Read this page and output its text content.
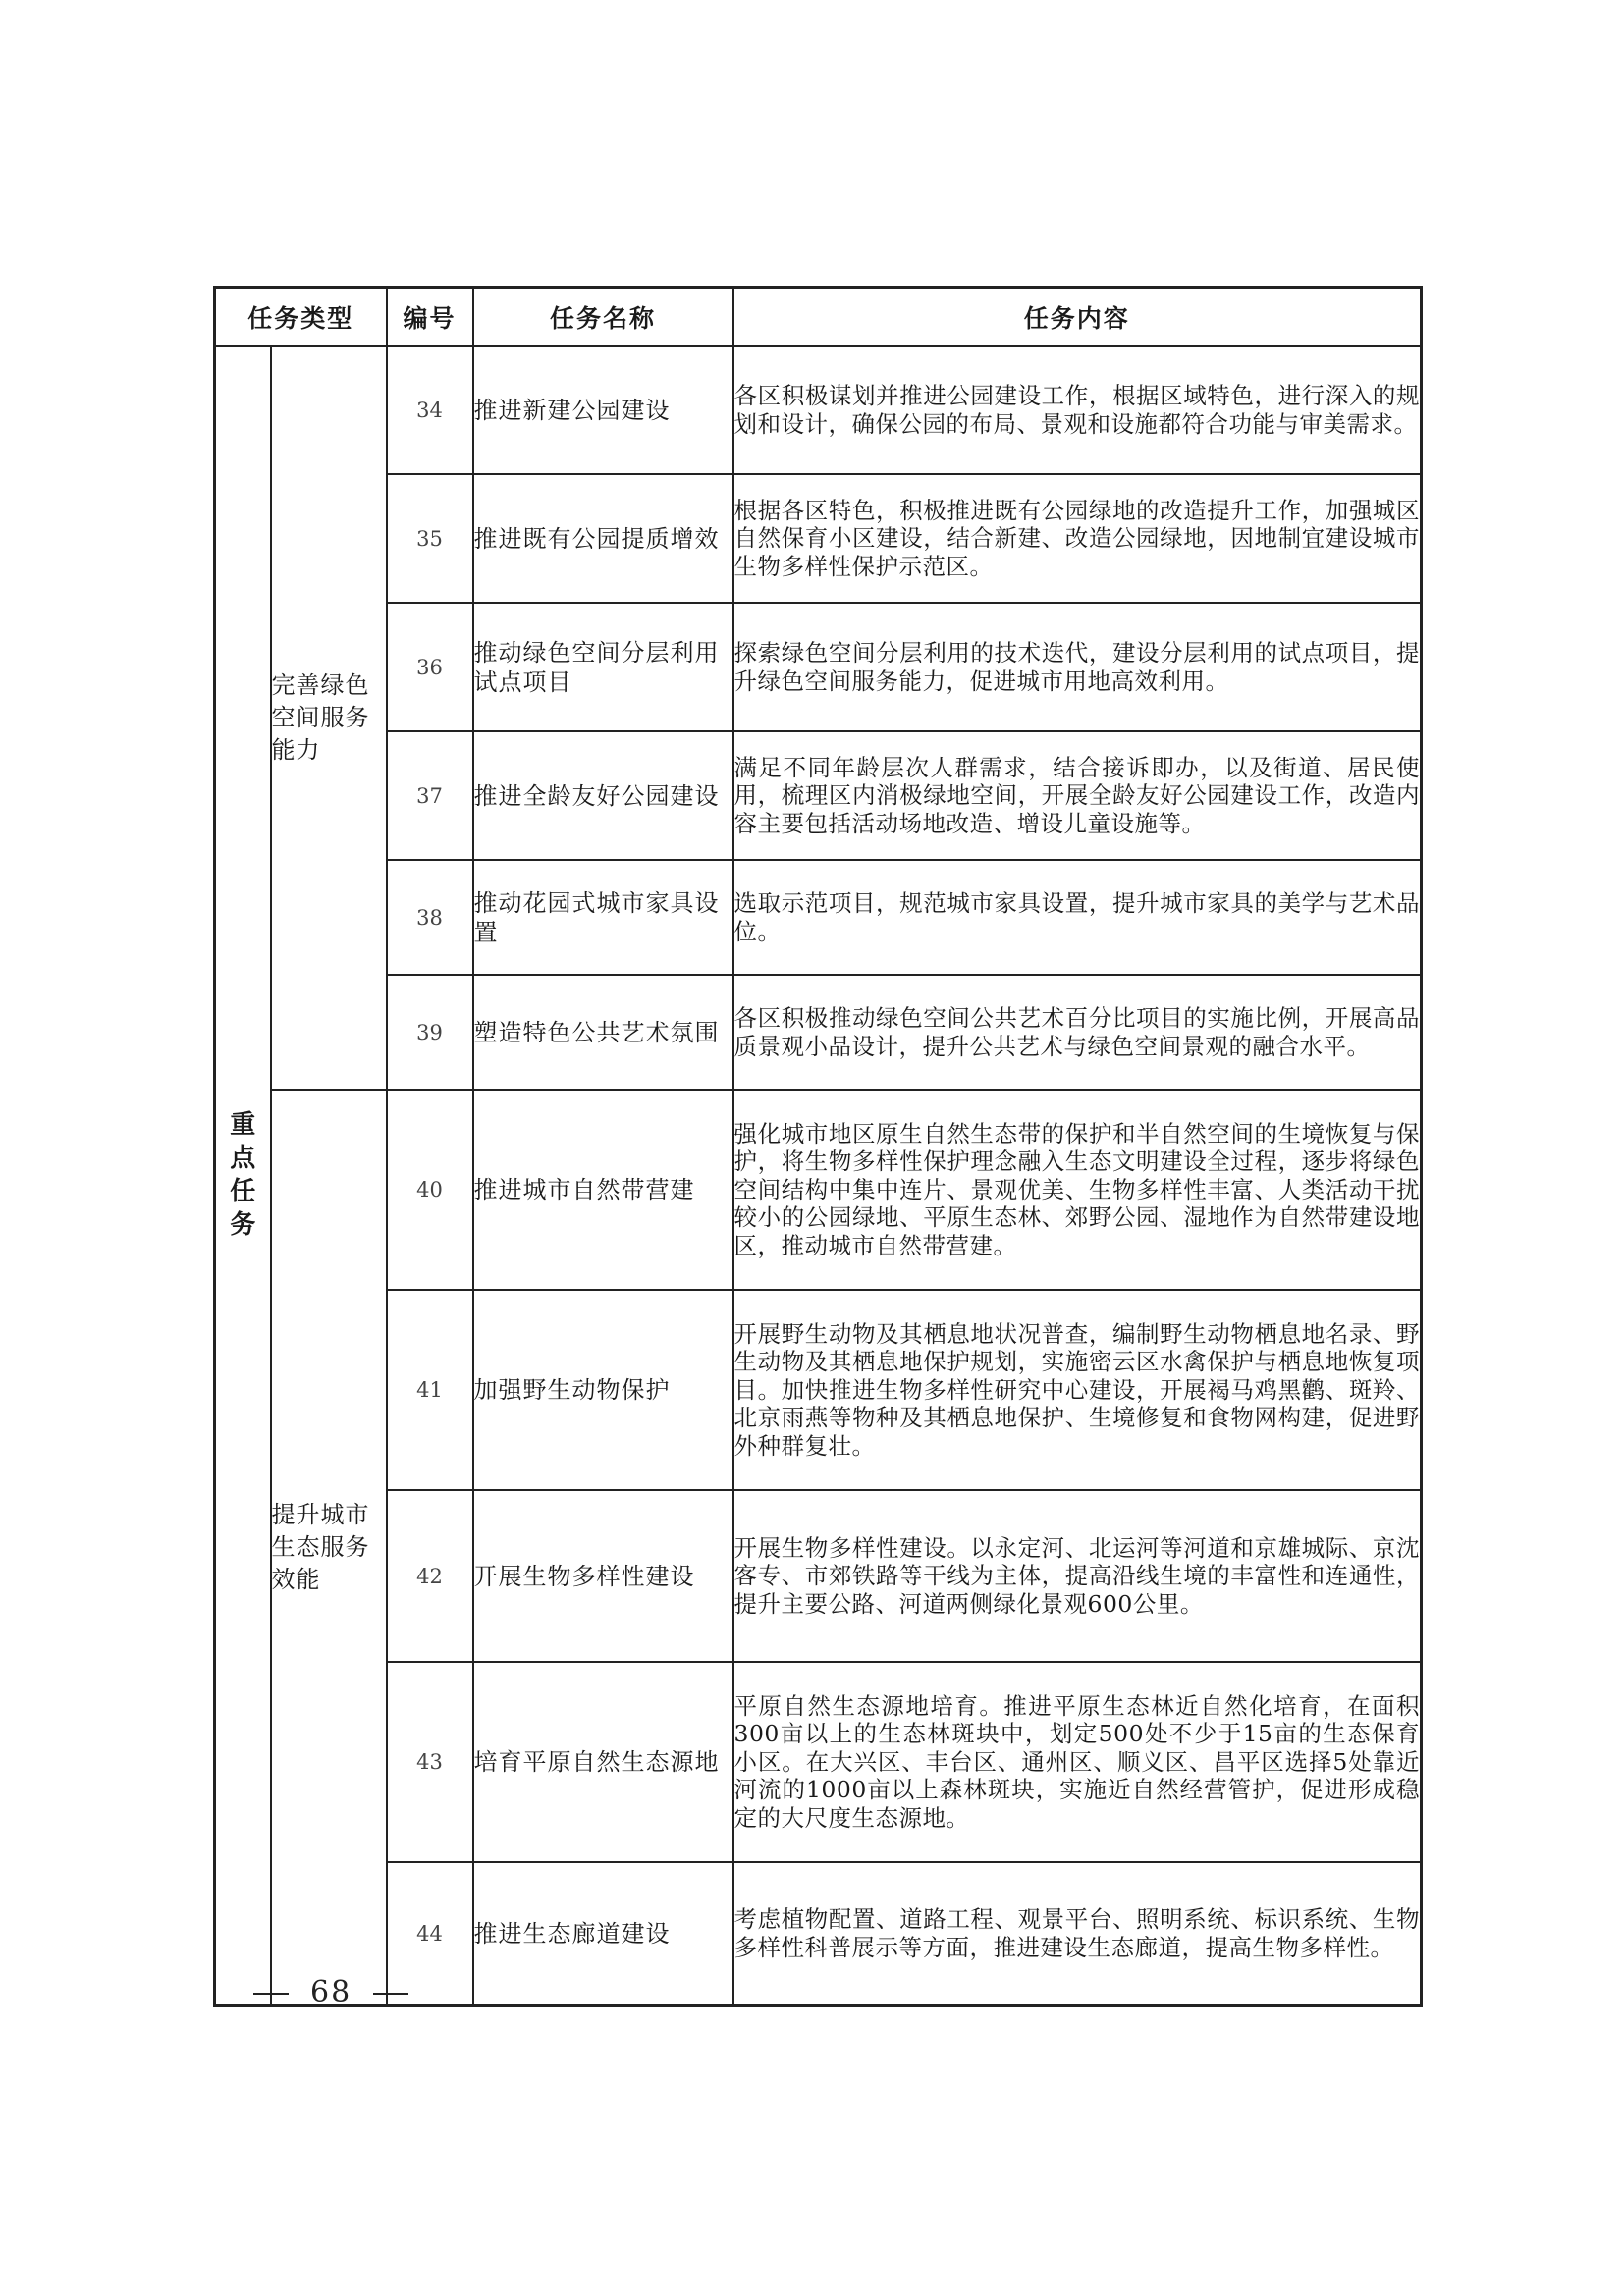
任务类型		编号	任务名称	任务内容
重点任务	完善绿色空间服务能力	34	推进新建公园建设	各区积极谋划并推进公园建设工作，根据区域特色，进行深入的规划和设计，确保公园的布局、景观和设施都符合功能与审美需求。
		35	推进既有公园提质增效	根据各区特色，积极推进既有公园绿地的改造提升工作，加强城区自然保育小区建设，结合新建、改造公园绿地，因地制宜建设城市生物多样性保护示范区。
		36	推动绿色空间分层利用试点项目	探索绿色空间分层利用的技术迭代，建设分层利用的试点项目，提升绿色空间服务能力，促进城市用地高效利用。
		37	推进全龄友好公园建设	满足不同年龄层次人群需求，结合接诉即办，以及街道、居民使用，梳理区内消极绿地空间，开展全龄友好公园建设工作，改造内容主要包括活动场地改造、增设儿童设施等。
		38	推动花园式城市家具设置	选取示范项目，规范城市家具设置，提升城市家具的美学与艺术品位。
		39	塑造特色公共艺术氛围	各区积极推动绿色空间公共艺术百分比项目的实施比例，开展高品质景观小品设计，提升公共艺术与绿色空间景观的融合水平。

	提升城市生态服务效能	40	推进城市自然带营建	强化城市地区原生自然生态带的保护和半自然空间的生境恢复与保护，将生物多样性保护理念融入生态文明建设全过程，逐步将绿色空间结构中集中连片、景观优美、生物多样性丰富、人类活动干扰较小的公园绿地、平原生态林、郊野公园、湿地作为自然带建设地区，推动城市自然带营建。
		41	加强野生动物保护	开展野生动物及其栖息地状况普查，编制野生动物栖息地名录、野生动物及其栖息地保护规划，实施密云区水禽保护与栖息地恢复项目。加快推进生物多样性研究中心建设，开展褐马鸡黑鹳、斑羚、北京雨燕等物种及其栖息地保护、生境修复和食物网构建，促进野外种群复壮。
		42	开展生物多样性建设	开展生物多样性建设。以永定河、北运河等河道和京雄城际、京沈客专、市郊铁路等干线为主体，提高沿线生境的丰富性和连通性，提升主要公路、河道两侧绿化景观600公里。
		43	培育平原自然生态源地	平原自然生态源地培育。推进平原生态林近自然化培育，在面积300亩以上的生态林斑块中，划定500处不少于15亩的生态保育小区。在大兴区、丰台区、通州区、顺义区、昌平区选择5处靠近河流的1000亩以上森林斑块，实施近自然经营管护，促进形成稳定的大尺度生态源地。
		44	推进生态廊道建设	考虑植物配置、道路工程、观景平台、照明系统、标识系统、生物多样性科普展示等方面，推进建设生态廊道，提高生物多样性。
68
